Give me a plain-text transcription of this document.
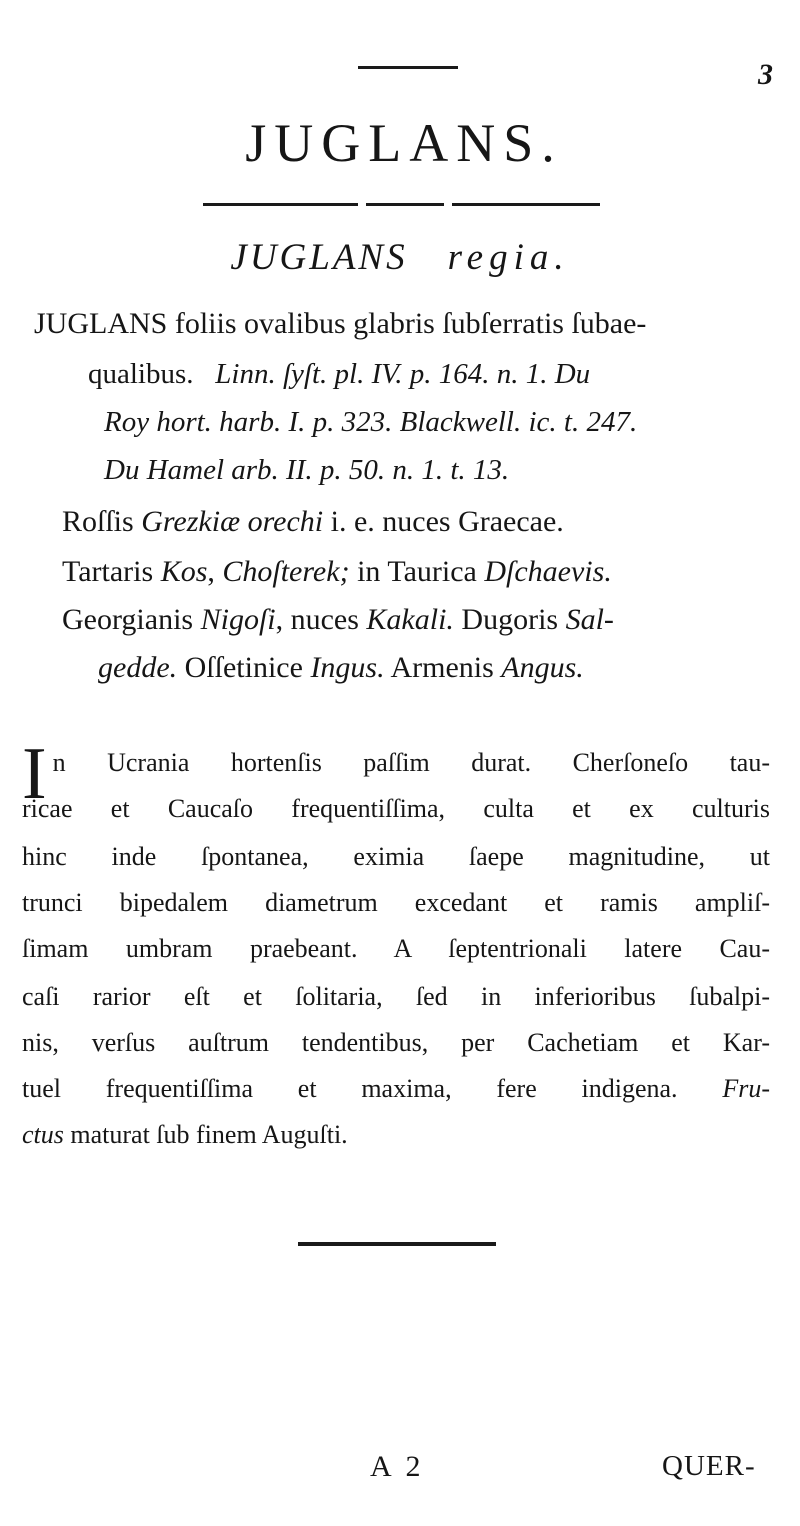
3
JUGLANS.
JUGLANS regia.
JUGLANS foliis ovalibus glabris ſubſerratis ſubae-
qualibus. Linn. ſyſt. pl. IV. p. 164. n. 1. Du
Roy hort. harb. I. p. 323. Blackwell. ic. t. 247.
Du Hamel arb. II. p. 50. n. 1. t. 13.
Roſſis Grezkiæ orechi i. e. nuces Graecae.
Tartaris Kos, Choſterek; in Taurica Dſchaevis.
Georgianis Nigoſi, nuces Kakali. Dugoris Sal-
gedde. Oſſetinice Ingus. Armenis Angus.
In Ucrania hortenſis paſſim durat. Cherſoneſo tau-
ricae et Caucaſo frequentiſſima, culta et ex culturis
hinc inde ſpontanea, eximia ſaepe magnitudine, ut
trunci bipedalem diametrum excedant et ramis ampliſ-
ſimam umbram praebeant. A ſeptentrionali latere Cau-
caſi rarior eſt et ſolitaria, ſed in inferioribus ſubalpi-
nis, verſus auſtrum tendentibus, per Cachetiam et Kar-
tuel frequentiſſima et maxima, fere indigena. Fru-
ctus maturat ſub finem Auguſti.
A 2	QUER-
